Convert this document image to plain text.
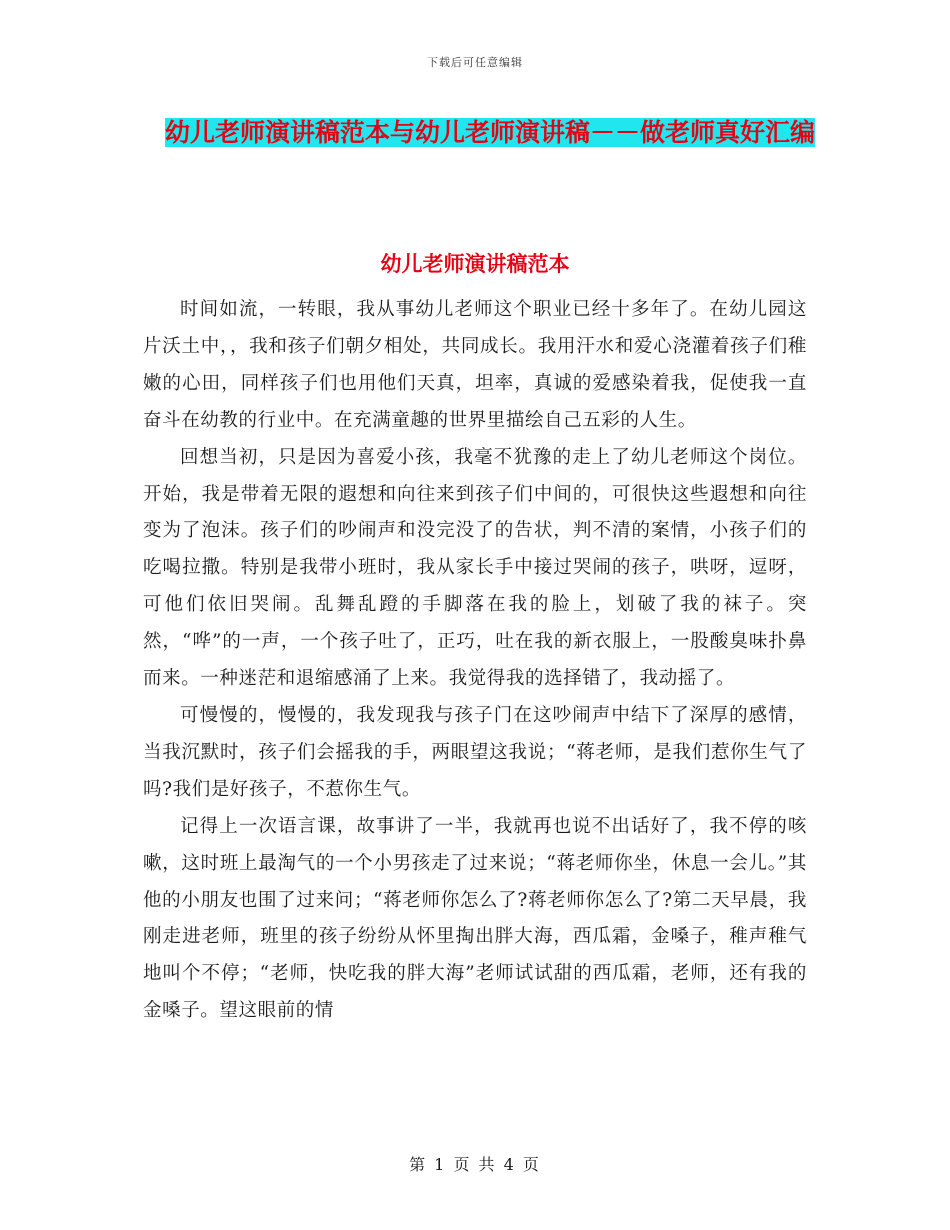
下载后可任意编辑
幼儿老师演讲稿范本与幼儿老师演讲稿－－做老师真好汇编
幼儿老师演讲稿范本

时间如流，一转眼，我从事幼儿老师这个职业已经十多年了。在幼儿园这片沃土中，，我和孩子们朝夕相处，共同成长。我用汗水和爱心浇灌着孩子们稚嫩的心田，同样孩子们也用他们天真，坦率，真诚的爱感染着我，促使我一直奋斗在幼教的行业中。在充满童趣的世界里描绘自己五彩的人生。

回想当初，只是因为喜爱小孩，我毫不犹豫的走上了幼儿老师这个岗位。开始，我是带着无限的遐想和向往来到孩子们中间的，可很快这些遐想和向往变为了泡沫。孩子们的吵闹声和没完没了的告状，判不清的案情，小孩子们的吃喝拉撒。特别是我带小班时，我从家长手中接过哭闹的孩子，哄呀，逗呀，可他们依旧哭闹。乱舞乱蹬的手脚落在我的脸上，划破了我的袜子。突然，“哗”的一声，一个孩子吐了，正巧，吐在我的新衣服上，一股酸臭味扑鼻而来。一种迷茫和退缩感涌了上来。我觉得我的选择错了，我动摇了。

可慢慢的，慢慢的，我发现我与孩子门在这吵闹声中结下了深厚的感情，当我沉默时，孩子们会摇我的手，两眼望这我说；“蒋老师，是我们惹你生气了吗?我们是好孩子，不惹你生气。

记得上一次语言课，故事讲了一半，我就再也说不出话好了，我不停的咳嗽，这时班上最淘气的一个小男孩走了过来说；“蒋老师你坐，休息一会儿。”其他的小朋友也围了过来问；“蒋老师你怎么了?蒋老师你怎么了?第二天早晨，我刚走进老师，班里的孩子纷纷从怀里掏出胖大海，西瓜霜，金嗓子，稚声稚气地叫个不停；“老师，快吃我的胖大海”老师试试甜的西瓜霜，老师，还有我的金嗓子。望这眼前的情

第 1 页 共 4 页
